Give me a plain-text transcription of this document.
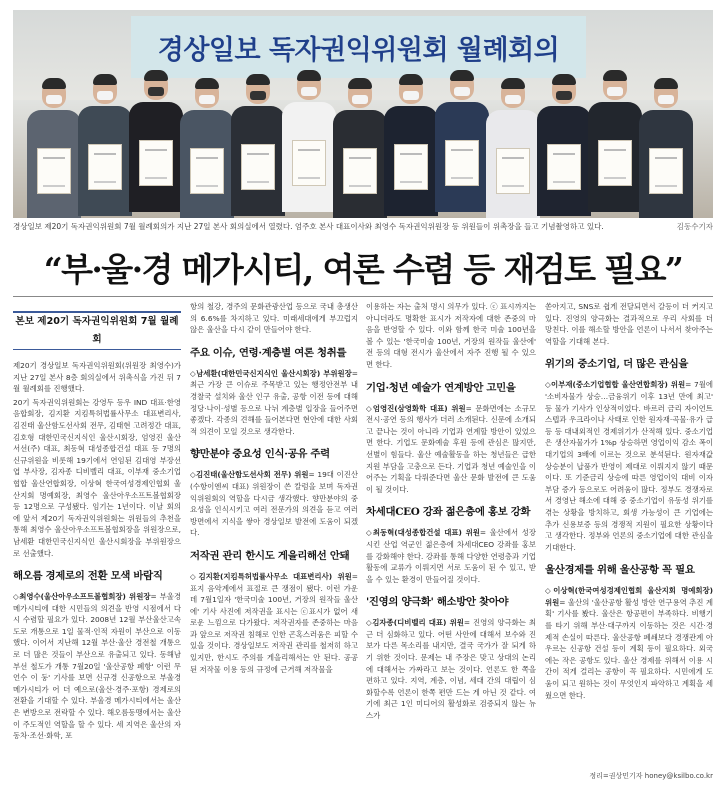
경상일보 독자권익위원회 월례회의
경상일보 제20기 독자권익위원회 7월 월례회의가 지난 27일 본사 회의실에서 열렸다. 엄주호 본사 대표이사와 최영수 독자권익위원장 등 위원들이 위촉장을 들고 기념촬영하고 있다.	김동수기자
“부·울·경 메가시티, 여론 수렴 등 재검토 필요”
본보 제20기 독자권익위원회 7월 월례회

제20기 경상일보 독자권익위원회(위원장 최영수)가 지난 27일 본사 8층 회의실에서 위촉식을 가진 뒤 7월 월례회를 진행했다.

20기 독자권익위원회는 강영두 등우 IND 대표·한영음합회장, 김지환 지킴특허법률사무소 대표변리사, 김진태 울산함도선사회 전무, 김태현 고려정간 대표, 김호형 대한민국신지식인 울산시회장, 엄영진 울산서선(주) 대표, 최동혁 대성종합건설 대표 등 7명의 신규위원을 비롯해 19기에서 연임된 김대영 부장선엽 부사장, 김자종 디비벨리 대표, 이부재 중소기업협합 울산연합회장, 이상혁 한국여성경제인협회 울산지회 명예회장, 최영수 울산아우소프트볼협회장 등 12명으로 구성됐다. 임기는 1년이다. 이날 회의에 앞서 제20기 독자권익위원회는 위원들의 추천을 통해 최영수 울산아우소프트볼협회장을 위원장으로, 남세환 대한민국신지식인 울산시회장을 부위원장으로 선출했다.

해오름 경제로의 전환 모색 바람직

◇최영수(울산아우소프트볼협회장) 위원장= 부울경 메가시티에 대한 시민들의 의견을 반영 시점에서 다시 수렴할 필요가 있다. 2008년 12월 부산울산고속도로 개통으로 1일 물적·인적 자원이 부산으로 이동했다. 이어서 지난해 12월 부산·울산 경전철 개통으로 더 많은 것들이 부산으로 유출되고 있다. 동해남부선 철도가 개통 7월20일 '울산공항 폐항' 이런 무언수 이 둥' 기사를 보면 신규경 신공항으로 부울경 메가시티가 어 더 예으로(울산·경주·포항) 경제로의 전환을 기대할 수 있다. 부울경 메가시티에서는 울산은 변방으로 전락할 수 있다. 해오름동맹에서는 울산이 주도적인 역할을 할 수 있다. 세 지역은 울산의 자동차·조선·화학, 포

항의 철강, 경주의 문화관광산업 등으로 국내 총생산의 6.6%를 차지하고 있다. 미래세대에게 부끄럽지 않은 울산을 다시 같이 만들어야 한다.

주요 이슈, 연령·계층별 여론 청취를

◇남세환(대한민국신지식인 울산시회장) 부위원장= 최근 가장 큰 이슈로 주목받고 있는 행정안전부 내 경찰국 설치와 울산 인구 유출, 공항 이전 등에 대해 정당·나이·성별 등으로 나뉘 계층별 입장을 들어주면 좋겠다. 각종의 견해를 들어본다면 현안에 대한 사회적 의견이 모일 것으로 생각한다.

향만분야 중요성 인식·공유 주력

◇김진태(울산함도선사회 전무) 위원= 19대 이진산(수항이엔씨 대표) 위원장이 쓴 칼럼을 보며 독자권익위원회의 역할을 다시금 생각했다. 향만분야의 중요성을 인식시키고 여러 전문가의 의견을 듣고 여러 방면에서 지식을 쌓아 경상일보 발전에 도움이 되겠다.

저작권 관리 한시도 게을리해선 안돼

◇김지환(지킴특허법률사무소 대표변리사) 위원= 표지 음악계에서 표절로 큰 쟁점이 됐다. 이런 가운데 7월1일자 '한국미술 100년, 거장의 원작들 울산에' 기사 사진에 저작권을 표시는 ⓒ표시가 없어 새로운 느낌으로 다가왔다. 저작권자를 존중하는 마음과 앞으로 저작권 침해로 인한 곤혹스러움은 피할 수 있을 것이다. 경상일보도 저작권 관리를 철저히 하고 있지만, 한시도 주의를 게을리해서는 안 된다. 공공 된 저작물 이용 등의 규정에 근거해 저작물을

이용하는 자는 출처 명시 의무가 있다. ⓒ 표시까지는 아니더라도 명확한 표시가 저작자에 대한 존중의 마음을 반영할 수 있다. 이와 함께 한국 미술 100년을 볼 수 있는 '한국미술 100년, 거장의 원작들 울산에' 전 등의 대형 전시가 울산에서 자주 진행 될 수 있으면 한다.

기업·청년 예술가 연계방안 고민을

◇엄영진(삼영화학 대표) 위원= 문화면에는 소규모 전시·공연 등의 행사가 더러 소개된다. 신문에 소개되고 끝나는 것이 아니라 기업과 연계할 방안이 있었으면 한다. 기업도 문화예술 후원 등에 관심은 많지만, 선별이 힘들다. 울산 예술활동을 하는 청년들은 급한지원 부담을 고충으로 든다. 기업과 청년 예술인을 이어주는 기획을 다뤄준다면 울산 문화 발전에 큰 도움이 될 것이다.

차세대CEO 강좌 젊은층에 홍보 강화

◇최동혁(대성종합건설 대표) 위원= 울산에서 성장시킨 산업 역군인 젊은층에 차세대CEO 강좌를 홍보를 강화해야 한다. 강좌를 통해 다양한 연령층과 기업활동에 교류가 이뤄지면 서로 도움이 된 수 있고, 받을 수 있는 환경이 만들어질 것이다.

'진영의 양극화' 해소방안 찾아야

◇김자종(디비벨리 대표) 위원= 진영의 양극화는 최근 더 심화하고 있다. 어떤 사안에 대해서 보수와 진보가 다른 목소리를 내지만, 결국 국가가 잘 되게 하기 위한 것이다. 문제는 내 주장은 맞고 상대의 논리에 대해서는 가짜라고 보는 것이다. 언론도 한 쪽을 편하고 있다. 지역, 계층, 이념, 세대 간의 대립이 심화할수록 언론이 한쪽 편만 드는 게 아닌 것 같다. 여기에 최근 1인 미디어의 활성화로 검증되지 않는 뉴스가

쏟아지고, SNS로 쉽게 전달되면서 갈등이 더 커지고 있다. 진영의 양극화는 결과적으로 우리 사회를 더 망친다. 이를 해소할 방안을 언론이 나서서 찾아주는 역할을 기대해 본다.

위기의 중소기업, 더 많은 관심을

◇이부재(중소기업협합 울산연합회장) 위원= 7월에 '소비자물가 상승…금융위기 이후 13년 만에 최고' 등 물가 기사가 인상적이었다. 바르러 금리 자이언트 스텝과 우크라이나 사태로 인한 원자재·곡물·유가 급등 등 대내외적인 경제위기가 산적해 있다. 중소기업은 생산자물가가 1%p 상승하면 영업이익 감소 폭이 대기업의 3배에 이르는 것으로 분석된다. 원자재값 상승분이 납품가 반영이 제대로 이뤄지지 않기 때문이다. 또 기준금리 상승에 따른 영업이익 대비 이자 부담 증가 등으로도 어려움이 많다. 정부도 경쟁자로서 경영난 해소에 대해 중 중소기업이 유동성 위기를 겪는 상황을 방치하고, 회생 가능성이 큰 기업에는 추가 신용보증 등의 경쟁적 지원이 필요한 상황이다고 생각한다. 정부와 언론의 중소기업에 대한 관심을 기대한다.

울산경제를 위해 울산공항 꼭 필요

◇이상혁(한국여성경제인협회 울산지회 명예회장) 위원= 울산의 '울산공항 활성 방안 연구용역 추진 계획' 기사를 봤다. 울산은 항공편이 부족하다. 비행기를 타기 위해 부산·대구까지 이동하는 것은 시간·경제적 손실이 따른다. 울산공항 폐쇄보다 경쟁관계 아우르는 신공항 건설 등이 계획 등이 필요하다. 외국에는 작은 공항도 있다. 울산 경제를 위해서 이용 시간이 적게 걸리는 공항이 꼭 필요하다. 시민에게 도움이 되고 원하는 것이 무엇인지 파악하고 계획을 세웠으면 한다.

정리=권상민기자 honey@ksilbo.co.kr
